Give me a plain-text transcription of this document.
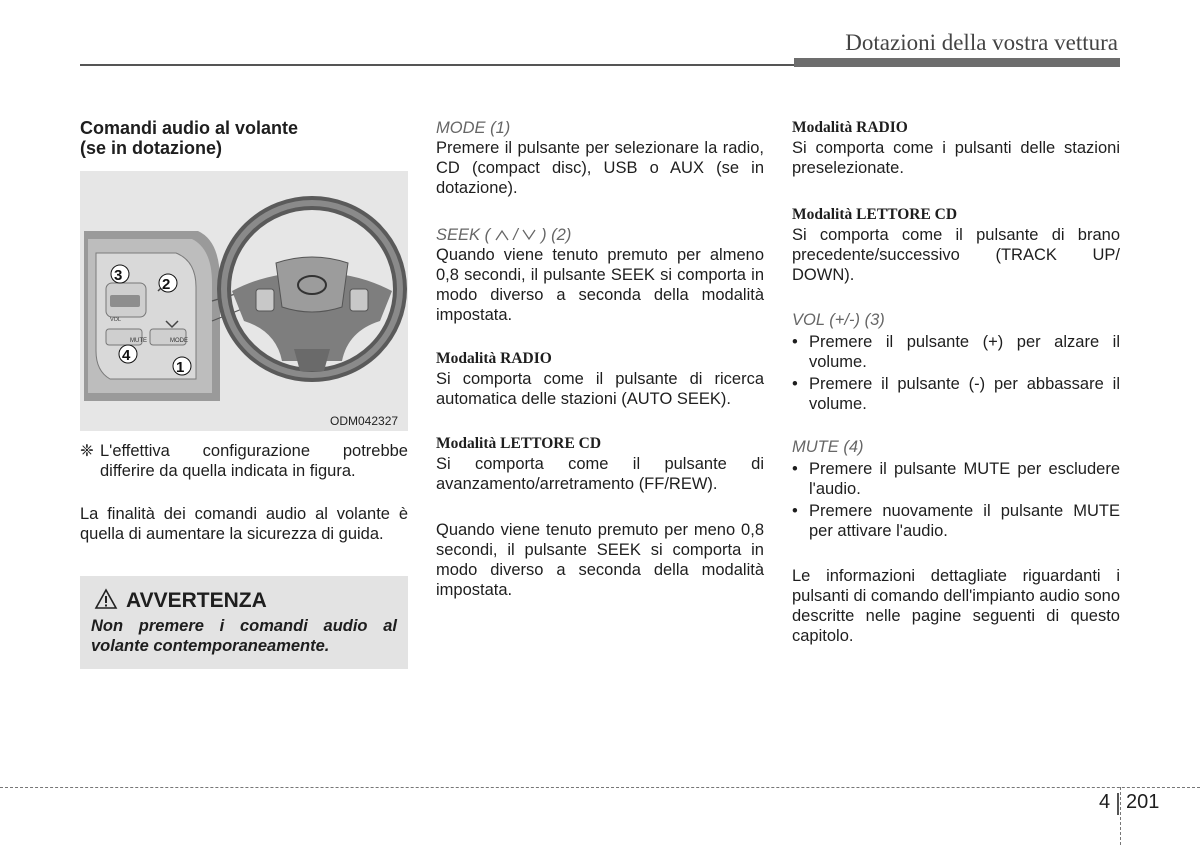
Dotazioni della vostra vettura

Comandi audio al volante
(se in dotazione)

MUTE	MODE
VOL
3
2
4
1
ODM042327

❈ L'effettiva configurazione potrebbe differire da quella indicata in figura.

La finalità dei comandi audio al volante è quella di aumentare la sicurezza di guida.

AVVERTENZA
Non premere i comandi audio al volante contemporaneamente.

MODE (1)

Premere il pulsante per selezionare la radio, CD (compact disc), USB o AUX (se in dotazione).

SEEK ( / ) (2)

Quando viene tenuto premuto per almeno 0,8 secondi, il pulsante SEEK si comporta in modo diverso a seconda della modalità impostata.

Modalità RADIO

Si comporta come il pulsante di ricerca automatica delle stazioni (AUTO SEEK).

Modalità LETTORE CD

Si comporta come il pulsante di avanzamento/arretramento (FF/REW).

Quando viene tenuto premuto per meno 0,8 secondi, il pulsante SEEK si comporta in modo diverso a seconda della modalità impostata.

Modalità RADIO

Si comporta come i pulsanti delle stazioni preselezionate.

Modalità LETTORE CD

Si comporta come il pulsante di brano precedente/successivo (TRACK UP/ DOWN).

VOL (+/-) (3)

• Premere il pulsante (+) per alzare il volume.

• Premere il pulsante (-) per abbassare il volume.

MUTE (4)

• Premere il pulsante MUTE per escludere l'audio.

• Premere nuovamente il pulsante MUTE per attivare l'audio.

Le informazioni dettagliate riguardanti i pulsanti di comando dell'impianto audio sono descritte nelle pagine seguenti di questo capitolo.

4 201
